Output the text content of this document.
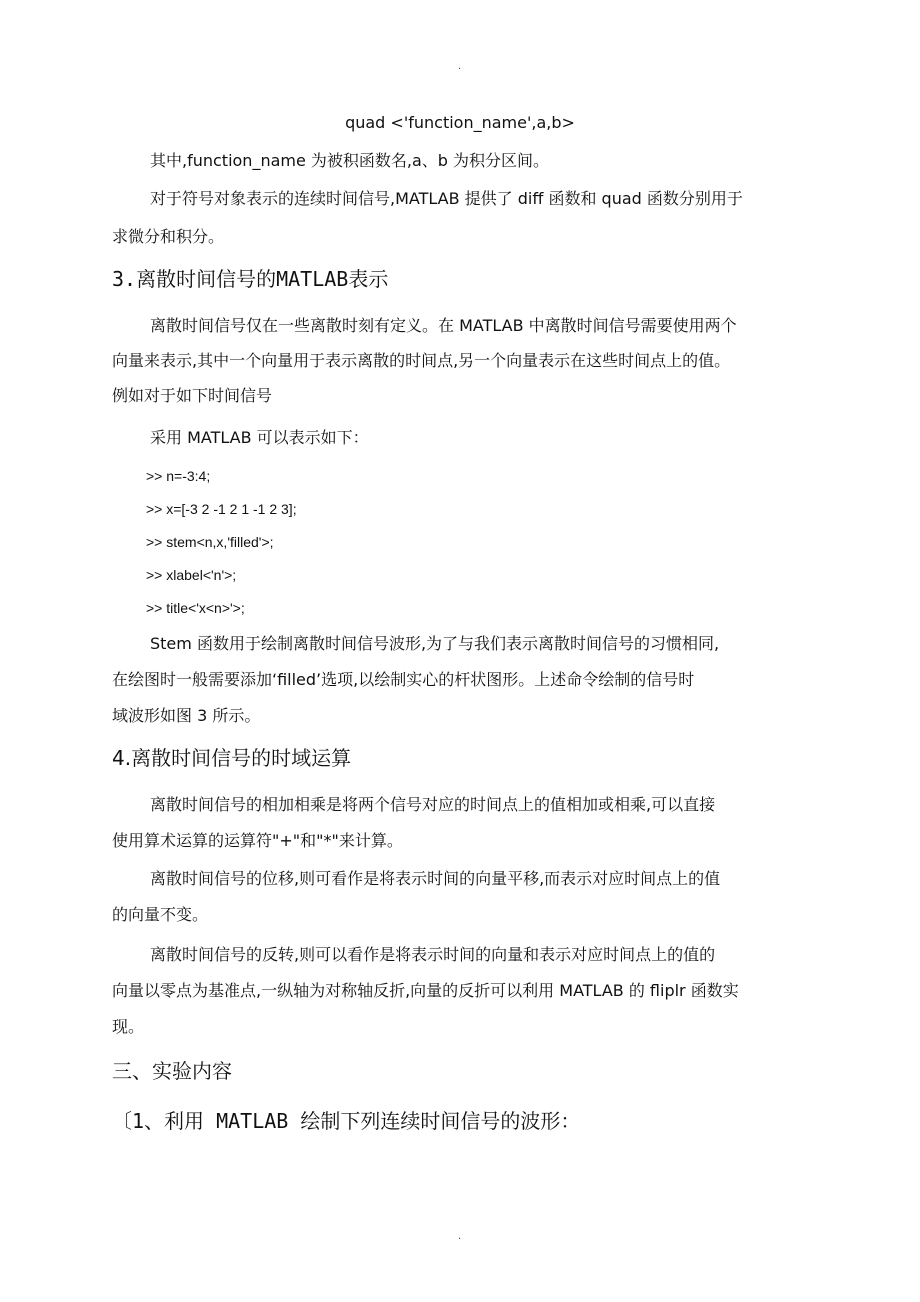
.
quad <'function_name',a,b>
其中,function_name 为被积函数名,a、b 为积分区间。
对于符号对象表示的连续时间信号,MATLAB 提供了 diff 函数和 quad 函数分别用于
求微分和积分。
3.离散时间信号的MATLAB表示
离散时间信号仅在一些离散时刻有定义。在 MATLAB 中离散时间信号需要使用两个
向量来表示,其中一个向量用于表示离散的时间点,另一个向量表示在这些时间点上的值。
例如对于如下时间信号
采用 MATLAB 可以表示如下：
>> n=-3:4;
>> x=[-3 2 -1 2 1 -1 2 3];
>> stem<n,x,'filled'>;
>> xlabel<'n'>;
>> title<'x<n>'>;
Stem 函数用于绘制离散时间信号波形,为了与我们表示离散时间信号的习惯相同,
在绘图时一般需要添加‘filled’选项,以绘制实心的杆状图形。上述命令绘制的信号时
域波形如图 3 所示。
4.离散时间信号的时域运算
离散时间信号的相加相乘是将两个信号对应的时间点上的值相加或相乘,可以直接
使用算术运算的运算符"+"和"*"来计算。
离散时间信号的位移,则可看作是将表示时间的向量平移,而表示对应时间点上的值
的向量不变。
离散时间信号的反转,则可以看作是将表示时间的向量和表示对应时间点上的值的
向量以零点为基准点,一纵轴为对称轴反折,向量的反折可以利用 MATLAB 的 fliplr 函数实
现。
三、实验内容
〔1、利用 MATLAB 绘制下列连续时间信号的波形：
.
